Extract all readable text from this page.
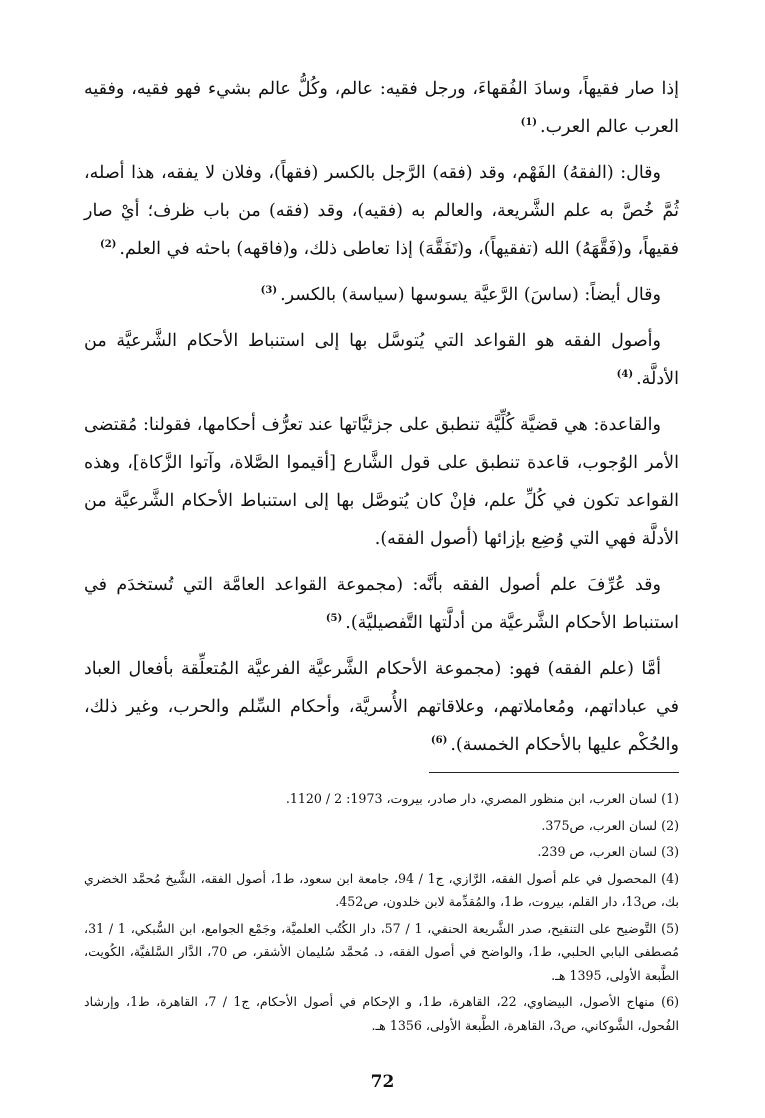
إذا صار فقيهاً، وسادَ الفُقهاءَ، ورجل فقيه: عالم، وكُلُّ عالم بشيء فهو فقيه، وفقيه العرب عالم العرب.$^{(1)}$

وقال: (الفقهُ) الفَهْم، وقد (فقه) الرَّجل بالكسر (فقهاً)، وفلان لا يفقه، هذا أصله، ثُمَّ خُصَّ به علم الشَّريعة، والعالم به (فقيه)، وقد (فقه) من باب ظرف؛ أيْ صار فقيهاً، و(فَقَّهَهُ) الله (تفقيهاً)، و(تَفَقَّهَ) إذا تعاطى ذلك، و(فاقهه) باحثه في العلم.$^{(2)}$

وقال أيضاً: (ساسَ) الرَّعيَّة يسوسها (سياسة) بالكسر.$^{(3)}$

وأصول الفقه هو القواعد التي يُتوسَّل بها إلى استنباط الأحكام الشَّرعيَّة من الأدلَّة.$^{(4)}$

والقاعدة: هي قضيَّة كُلِّيَّة تنطبق على جزئيَّاتها عند تعرُّف أحكامها، فقولنا: مُقتضى الأمر الوُجوب، قاعدة تنطبق على قول الشَّارع [أقيموا الصَّلاة، وآتوا الزَّكاة]، وهذه القواعد تكون في كُلِّ علم، فإنْ كان يُتوصَّل بها إلى استنباط الأحكام الشَّرعيَّة من الأدلَّة فهي التي وُضِع بإزائها (أصول الفقه).

وقد عُرِّفَ علم أصول الفقه بأنَّه: (مجموعة القواعد العامَّة التي تُستخدَم في استنباط الأحكام الشَّرعيَّة من أدلَّتها التَّفصيليَّة).$^{(5)}$

أمَّا (علم الفقه) فهو: (مجموعة الأحكام الشَّرعيَّة الفرعيَّة المُتعلِّقة بأفعال العباد في عباداتهم، ومُعاملاتهم، وعلاقاتهم الأُسريَّة، وأحكام السِّلم والحرب، وغير ذلك، والحُكْم عليها بالأحكام الخمسة).$^{(6)}$

(1) لسان العرب، ابن منظور المصري، دار صادر، بيروت، 1973: 2 / 1120.

(2) لسان العرب، ص375.

(3) لسان العرب، ص 239.

(4) المحصول في علم أصول الفقه، الرَّازي، ج1 / 94، جامعة ابن سعود، ط1، أصول الفقه، الشَّيخ مُحمَّد الخضري بك، ص13، دار القلم، بيروت، ط1، والمُقدِّمة لابن خلدون، ص452.

(5) التَّوضيح على التنقيح، صدر الشَّريعة الحنفي، 1 / 57، دار الكُتُب العلميَّة، وجَمْع الجوامع، ابن السُّبكي، 1 / 31، مُصطفى البابي الحلبي، ط1، والواضح في أصول الفقه، د. مُحمَّد سُليمان الأشقر، ص 70، الدَّار السَّلفيَّة، الكُويت، الطَّبعة الأولى، 1395 هـ.

(6) منهاج الأصول، البيضاوي، 22، القاهرة، ط1، و الإحكام في أصول الأحكام، ج1 / 7، القاهرة، ط1، وإرشاد الفُحول، الشَّوكاني، ص3، القاهرة، الطَّبعة الأولى، 1356 هـ.

72
